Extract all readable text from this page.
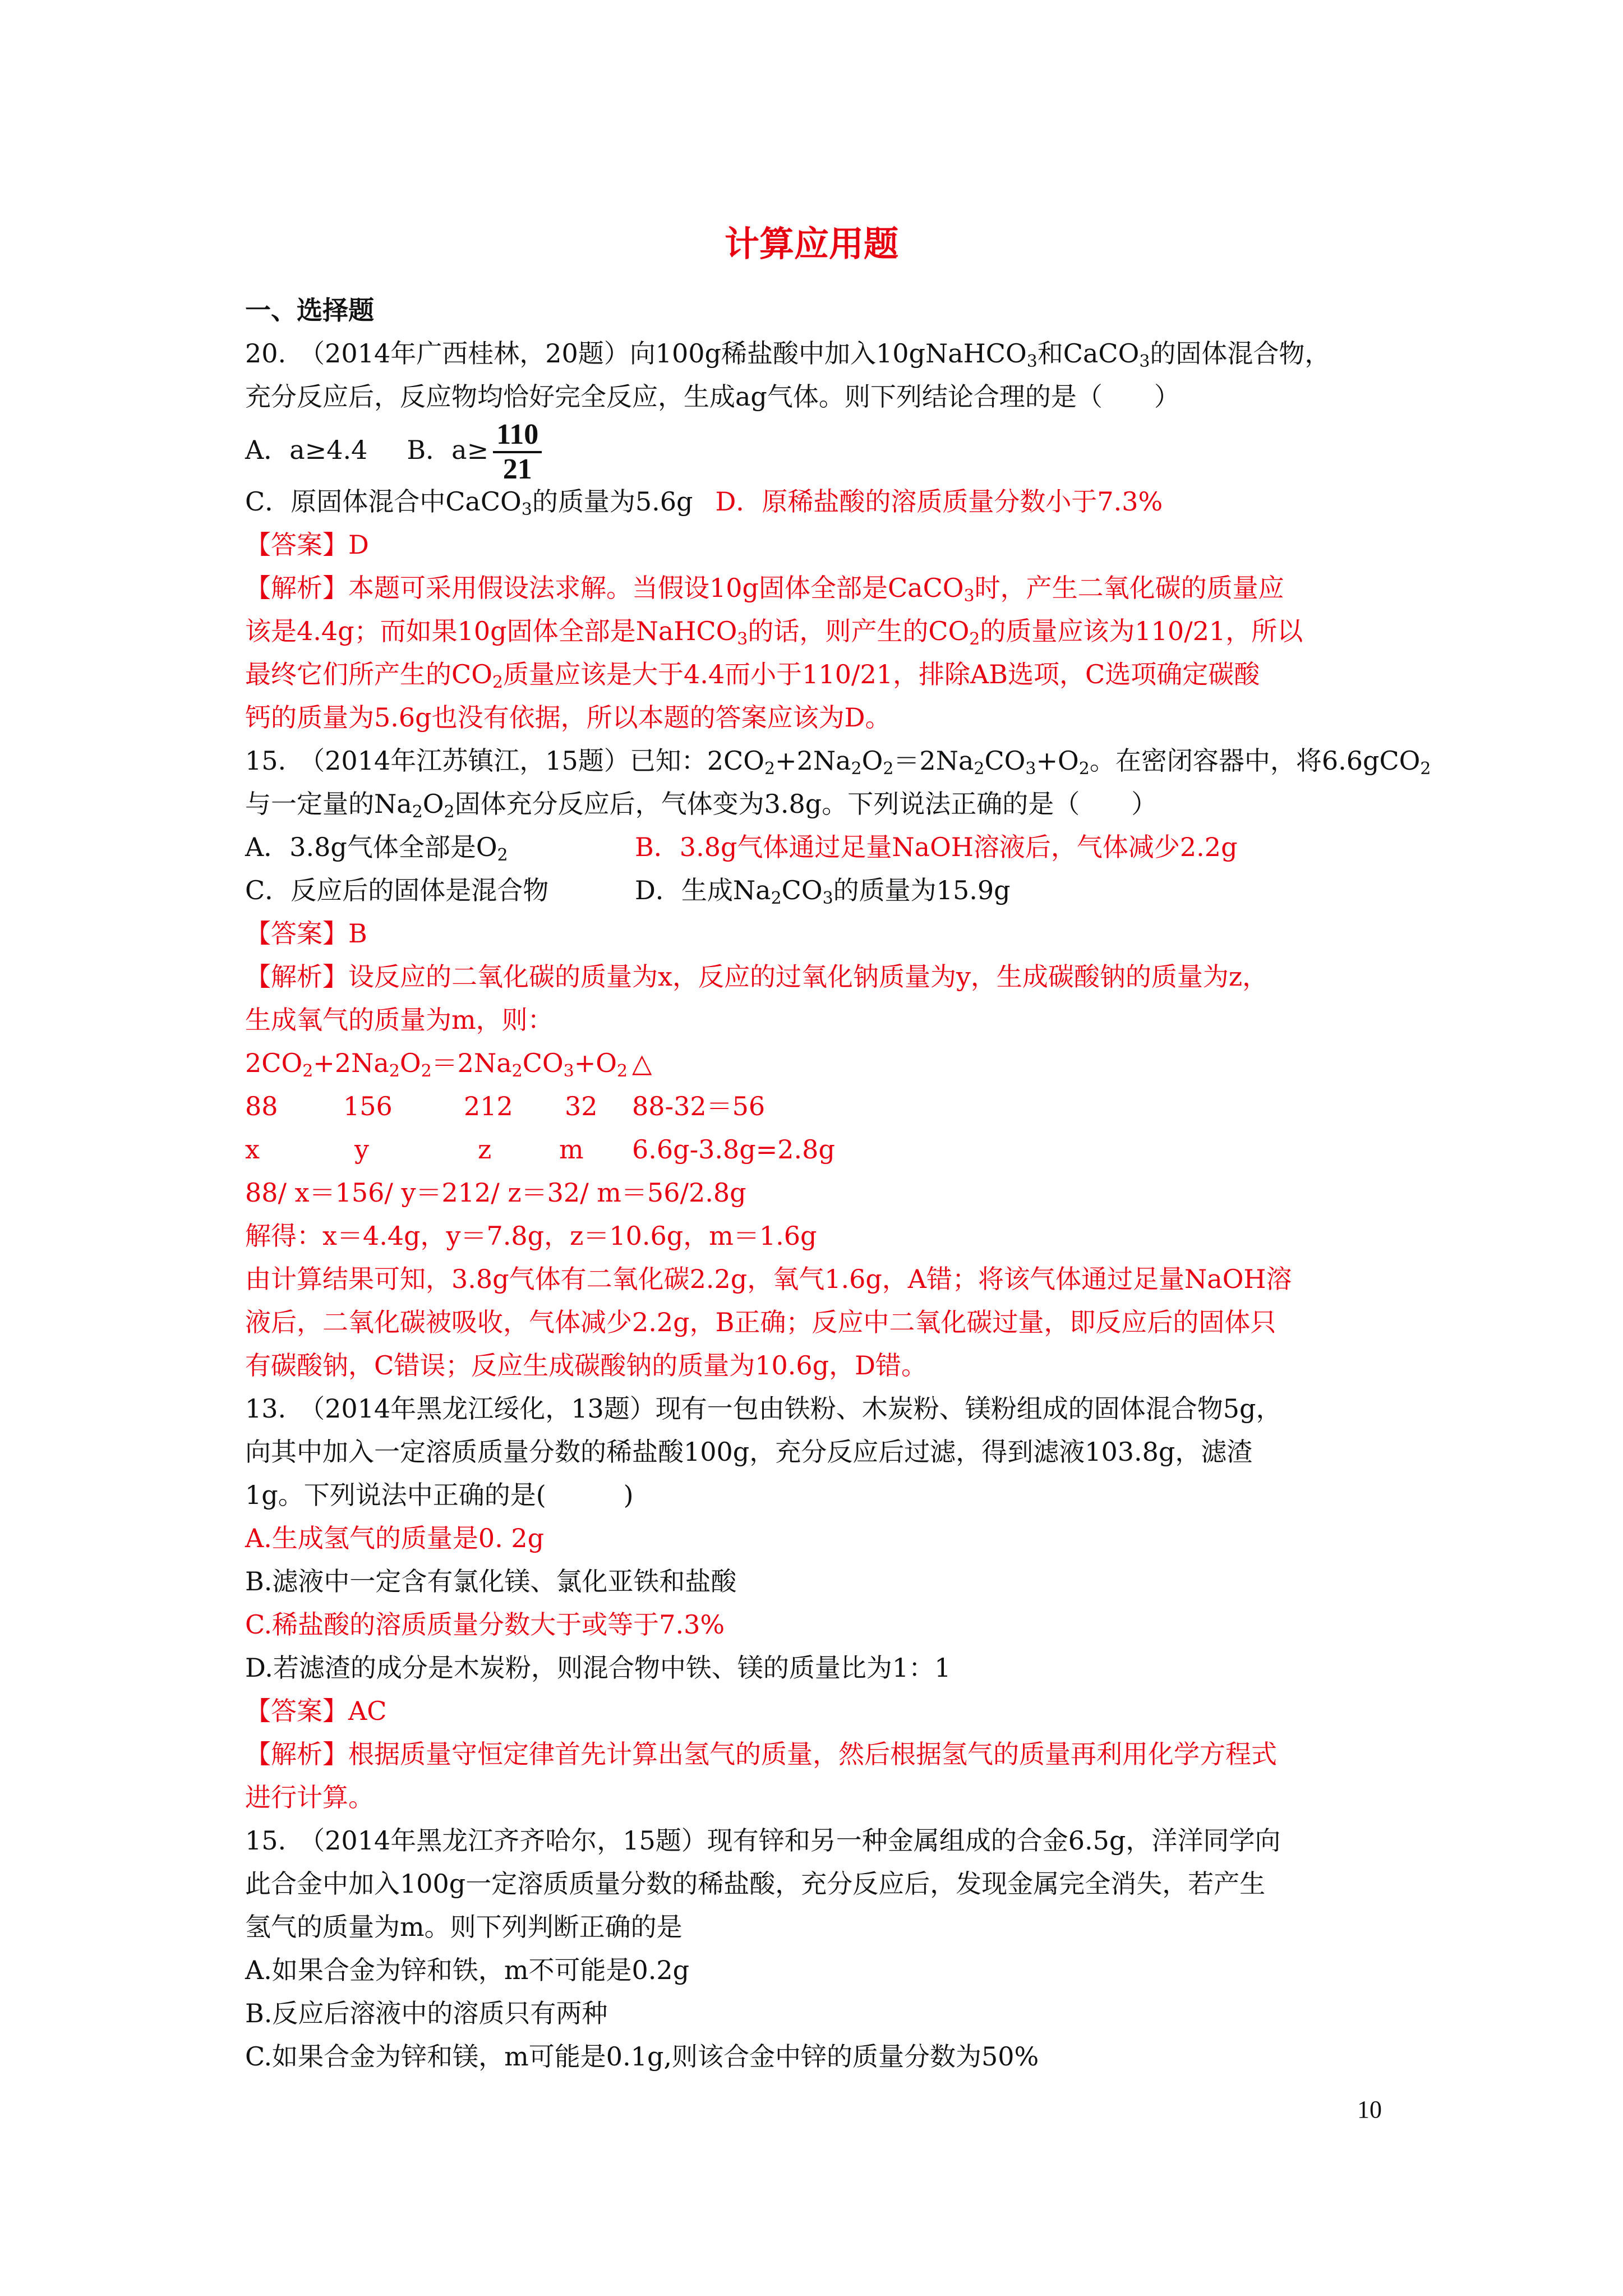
计算应用题
一、选择题
20.　（2014年广西桂林，20题）向100g稀盐酸中加入10gNaHCO$_3$和CaCO$_3$的固体混合物，
充分反应后，反应物均恰好完全反应，生成ag气体。则下列结论合理的是（　　）
A．a≥4.4 B．$a\ge \frac{110}{21}$
C．原固体混合中CaCO$_3$的质量为5.6g D．原稀盐酸的溶质质量分数小于7.3%
【答案】D
【解析】本题可采用假设法求解。当假设10g固体全部是CaCO$_3$时，产生二氧化碳的质量应
该是4.4g；而如果10g固体全部是NaHCO$_3$的话，则产生的$CO_2$的质量应该为110/21，所以
最终它们所产生的$CO_2$质量应该是大于4.4而小于110/21，排除AB选项，C选项确定碳酸
钙的质量为5.6g也没有依据，所以本题的答案应该为D。
15.　（2014年江苏镇江，15题）已知：$2CO_2+2Na_2O_2=2Na_2CO_3+O_2$。在密闭容器中，将6.6gCO$_2$
与一定量的$Na_2O_2$固体充分反应后，气体变为3.8g。下列说法正确的是（　　）
A．3.8g气体全部是$O_2$	B．3.8g气体通过足量NaOH溶液后，气体减少2.2g
C．反应后的固体是混合物	D．生成$Na_2CO_3$的质量为15.9g
【答案】B
【解析】设反应的二氧化碳的质量为x，反应的过氧化钠质量为y，生成碳酸钠的质量为z，
生成氧气的质量为m，则：
$2CO_2+2Na_2O_2=2Na_2CO_3+O_2$ △
88	156	212 32 88-32＝56
x	y	z	m 6.6g-3.8g=2.8g
88/ x＝156/ y＝212/ z＝32/ m＝56/2.8g
解得：x＝4.4g，y＝7.8g，z＝10.6g，m＝1.6g
由计算结果可知，3.8g气体有二氧化碳2.2g，氧气1.6g，A错；将该气体通过足量NaOH溶
液后，二氧化碳被吸收，气体减少2.2g，B正确；反应中二氧化碳过量，即反应后的固体只
有碳酸钠，C错误；反应生成碳酸钠的质量为10.6g，D错。
13.　（2014年黑龙江绥化，13题）现有一包由铁粉、木炭粉、镁粉组成的固体混合物5g，
向其中加入一定溶质质量分数的稀盐酸100g，充分反应后过滤，得到滤液103.8g，滤渣
1g。下列说法中正确的是(　　　)
A.生成氢气的质量是0. 2g
B.滤液中一定含有氯化镁、氯化亚铁和盐酸
C.稀盐酸的溶质质量分数大于或等于7.3%
D.若滤渣的成分是木炭粉，则混合物中铁、镁的质量比为1：1
【答案】AC
【解析】根据质量守恒定律首先计算出氢气的质量，然后根据氢气的质量再利用化学方程式
进行计算。
15.　（2014年黑龙江齐齐哈尔，15题）现有锌和另一种金属组成的合金6.5g，洋洋同学向
此合金中加入100g一定溶质质量分数的稀盐酸，充分反应后，发现金属完全消失，若产生
氢气的质量为m。则下列判断正确的是
A.如果合金为锌和铁，m不可能是0.2g
B.反应后溶液中的溶质只有两种
C.如果合金为锌和镁，m可能是0.1g,则该合金中锌的质量分数为50%
10
